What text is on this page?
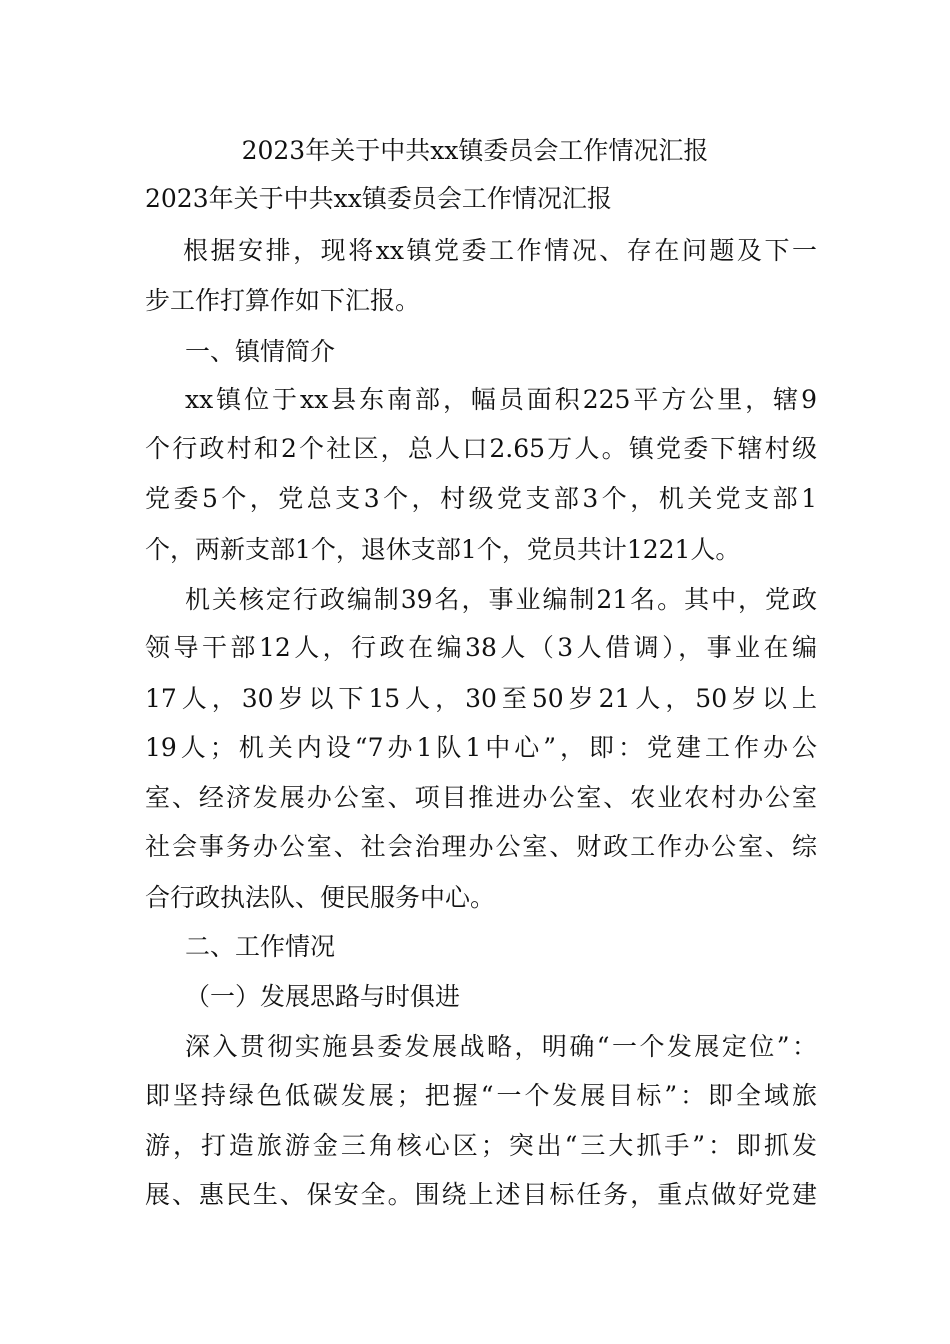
2023年关于中共xx镇委员会工作情况汇报
2023年关于中共xx镇委员会工作情况汇报
根据安排，现将xx镇党委工作情况、存在问题及下一
步工作打算作如下汇报。
一、镇情简介
xx镇位于xx县东南部，幅员面积225平方公里，辖9
个行政村和2个社区，总人口2.65万人。镇党委下辖村级
党委5个，党总支3个，村级党支部3个，机关党支部1
个，两新支部1个，退休支部1个，党员共计1221人。
机关核定行政编制39名，事业编制21名。其中，党政
领导干部12人，行政在编38人（3人借调），事业在编
17人，30岁以下15人，30至50岁21人，50岁以上
19人；机关内设“7办1队1中心”，即：党建工作办公
室、经济发展办公室、项目推进办公室、农业农村办公室
社会事务办公室、社会治理办公室、财政工作办公室、综
合行政执法队、便民服务中心。
二、工作情况
（一）发展思路与时俱进
深入贯彻实施县委发展战略，明确“一个发展定位”：
即坚持绿色低碳发展；把握“一个发展目标”：即全域旅
游，打造旅游金三角核心区；突出“三大抓手”：即抓发
展、惠民生、保安全。围绕上述目标任务，重点做好党建
